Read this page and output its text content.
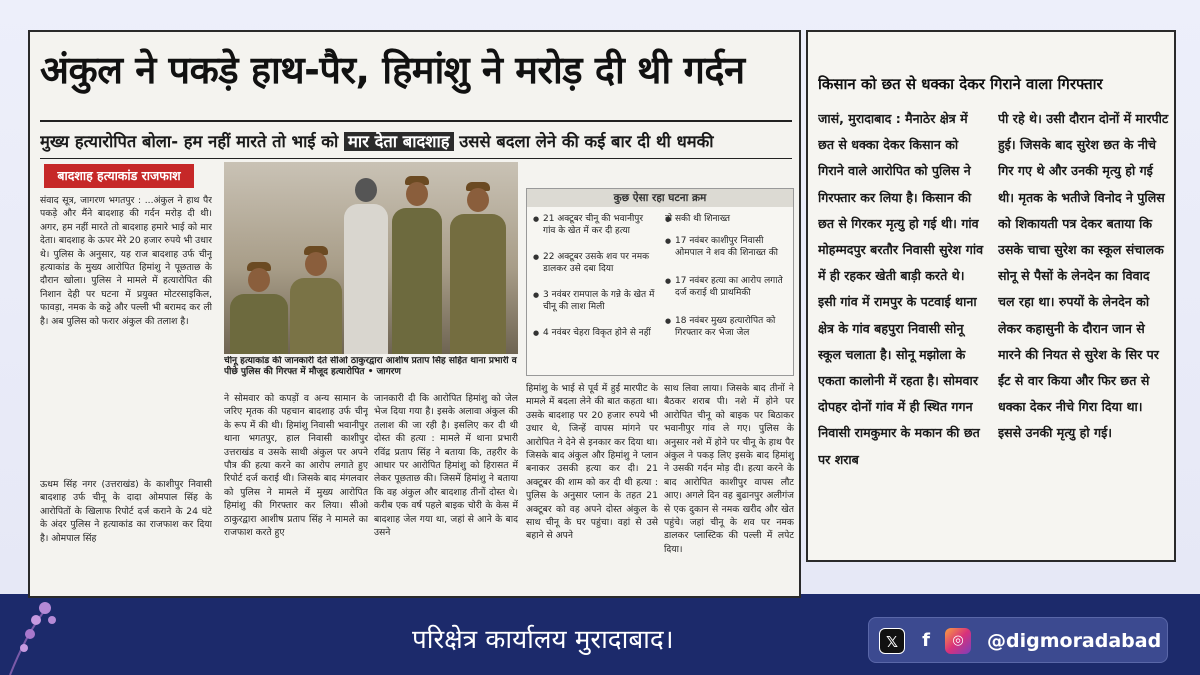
अंकुल ने पकड़े हाथ-पैर, हिमांशु ने मरोड़ दी थी गर्दन
मुख्य हत्यारोपित बोला- हम नहीं मारते तो भाई को मार देता बादशाह उससे बदला लेने की कई बार दी थी धमकी
बादशाह हत्याकांड राजफाश
संवाद सूत्र, जागरण भगतपुर : ...अंकुल ने हाथ पैर पकड़े और मैंने बादशाह की गर्दन मरोड़ दी थी। अगर, हम नहीं मारते तो बादशाह हमारे भाई को मार देता। बादशाह के ऊपर मेरे 20 हजार रुपये भी उधार थे। पुलिस के अनुसार, यह राज बादशाह उर्फ चीनू हत्याकांड के मुख्य आरोपित हिमांशु ने पूछताछ के दौरान खोला। पुलिस ने मामले में हत्यारोपित की निशान देही पर घटना में प्रयुक्त मोटरसाइकिल, फावड़ा, नमक के कट्टे और पल्ली भी बरामद कर ली है। अब पुलिस को फरार अंकुल की तलाश है।
ऊधम सिंह नगर (उत्तराखंड) के काशीपुर निवासी बादशाह उर्फ चीनू के दादा ओमपाल सिंह के आरोपितों के खिलाफ रिपोर्ट दर्ज कराने के 24 घंटे के अंदर पुलिस ने हत्याकांड का राजफाश कर दिया है। ओमपाल सिंह
चीनू हत्याकांड की जानकारी देते सीओ ठाकुरद्वारा आशीष प्रताप सिंह सहित थाना प्रभारी व पीछे पुलिस की गिरफ्त में मौजूद हत्यारोपित • जागरण
ने सोमवार को कपड़ों व अन्य सामान के जरिए मृतक की पहचान बादशाह उर्फ चीनू के रूप में की थी। हिमांशु निवासी भवानीपुर थाना भगतपुर, हाल निवासी काशीपुर उत्तराखंड व उसके साथी अंकुल पर अपने पौत्र की हत्या करने का आरोप लगाते हुए रिपोर्ट दर्ज कराई थी। जिसके बाद मंगलवार को पुलिस ने मामले में मुख्य आरोपित हिमांशु की गिरफ्तार कर लिया। सीओ ठाकुरद्वारा आशीष प्रताप सिंह ने मामले का राजफाश करते हुए
जानकारी दी कि आरोपित हिमांशु को जेल भेज दिया गया है। इसके अलावा अंकुल की तलाश की जा रही है। इसलिए कर दी थी दोस्त की हत्या : मामले में थाना प्रभारी रविंद्र प्रताप सिंह ने बताया कि, तहरीर के आधार पर आरोपित हिमांशु को हिरासत में लेकर पूछताछ की। जिसमें हिमांशु ने बताया कि वह अंकुल और बादशाह तीनों दोस्त थे। करीब एक वर्ष पहले बाइक चोरी के केस में बादशाह जेल गया था, जहां से आने के बाद उसने
कुछ ऐसा रहा घटना क्रम
● 21 अक्टूबर चीनू की भवानीपुर गांव के खेत में कर दी हत्या
● 22 अक्टूबर उसके शव पर नमक डालकर उसे दबा दिया
● 3 नवंबर रामपाल के गन्ने के खेत में चीनू की लाश मिली
● 4 नवंबर चेहरा विकृत होने से नहीं
● हो सकी थी शिनाख्त
● 17 नवंबर काशीपुर निवासी ओमपाल ने शव की शिनाख्त की
● 17 नवंबर हत्या का आरोप लगाते दर्ज कराई थी प्राथमिकी
● 18 नवंबर मुख्य हत्यारोपित को गिरफ्तार कर भेजा जेल
हिमांशु के भाई से पूर्व में हुई मारपीट के मामले में बदला लेने की बात कहता था। उसके बादशाह पर 20 हजार रुपये भी उधार थे, जिन्हें वापस मांगने पर आरोपित ने देने से इनकार कर दिया था। जिसके बाद अंकुल और हिमांशु ने प्लान बनाकर उसकी हत्या कर दी। 21 अक्टूबर की शाम को कर दी थी हत्या : पुलिस के अनुसार प्लान के तहत 21 अक्टूबर को वह अपने दोस्त अंकुल के साथ चीनू के घर पहुंचा। वहां से उसे बहाने से अपने
साथ लिवा लाया। जिसके बाद तीनों ने बैठकर शराब पी। नशे में होने पर आरोपित चीनू को बाइक पर बिठाकर भवानीपुर गांव ले गए। पुलिस के अनुसार नशे में होने पर चीनू के हाथ पैर अंकुल ने पकड़ लिए इसके बाद हिमांशु ने उसकी गर्दन मोड़ दी। हत्या करने के बाद आरोपित काशीपुर वापस लौट आए। अगले दिन वह बुढानपुर अलीगंज से एक दुकान से नमक खरीद और खेत पहुंचे। जहां चीनू के शव पर नमक डालकर प्लास्टिक की पल्ली में लपेट दिया।
किसान को छत से धक्का देकर गिराने वाला गिरफ्तार
जासं, मुरादाबाद : मैनाठेर क्षेत्र में छत से धक्का देकर किसान को गिराने वाले आरोपित को पुलिस ने गिरफ्तार कर लिया है। किसान की छत से गिरकर मृत्यु हो गई थी। गांव मोहम्मदपुर बरतौर निवासी सुरेश गांव में ही रहकर खेती बाड़ी करते थे। इसी गांव में रामपुर के पटवाई थाना क्षेत्र के गांव बहपुरा निवासी सोनू स्कूल चलाता है। सोनू मझोला के एकता कालोनी में रहता है। सोमवार दोपहर दोनों गांव में ही स्थित गगन निवासी रामकुमार के मकान की छत पर शराब
पी रहे थे। उसी दौरान दोनों में मारपीट हुई। जिसके बाद सुरेश छत के नीचे गिर गए थे और उनकी मृत्यु हो गई थी। मृतक के भतीजे विनोद ने पुलिस को शिकायती पत्र देकर बताया कि उसके चाचा सुरेश का स्कूल संचालक सोनू से पैसों के लेनदेन का विवाद चल रहा था। रुपयों के लेनदेन को लेकर कहासुनी के दौरान जान से मारने की नियत से सुरेश के सिर पर ईंट से वार किया और फिर छत से धक्का देकर नीचे गिरा दिया था। इससे उनकी मृत्यु हो गई।
परिक्षेत्र कार्यालय मुरादाबाद।	𝕏	f	◎	@digmoradabad
